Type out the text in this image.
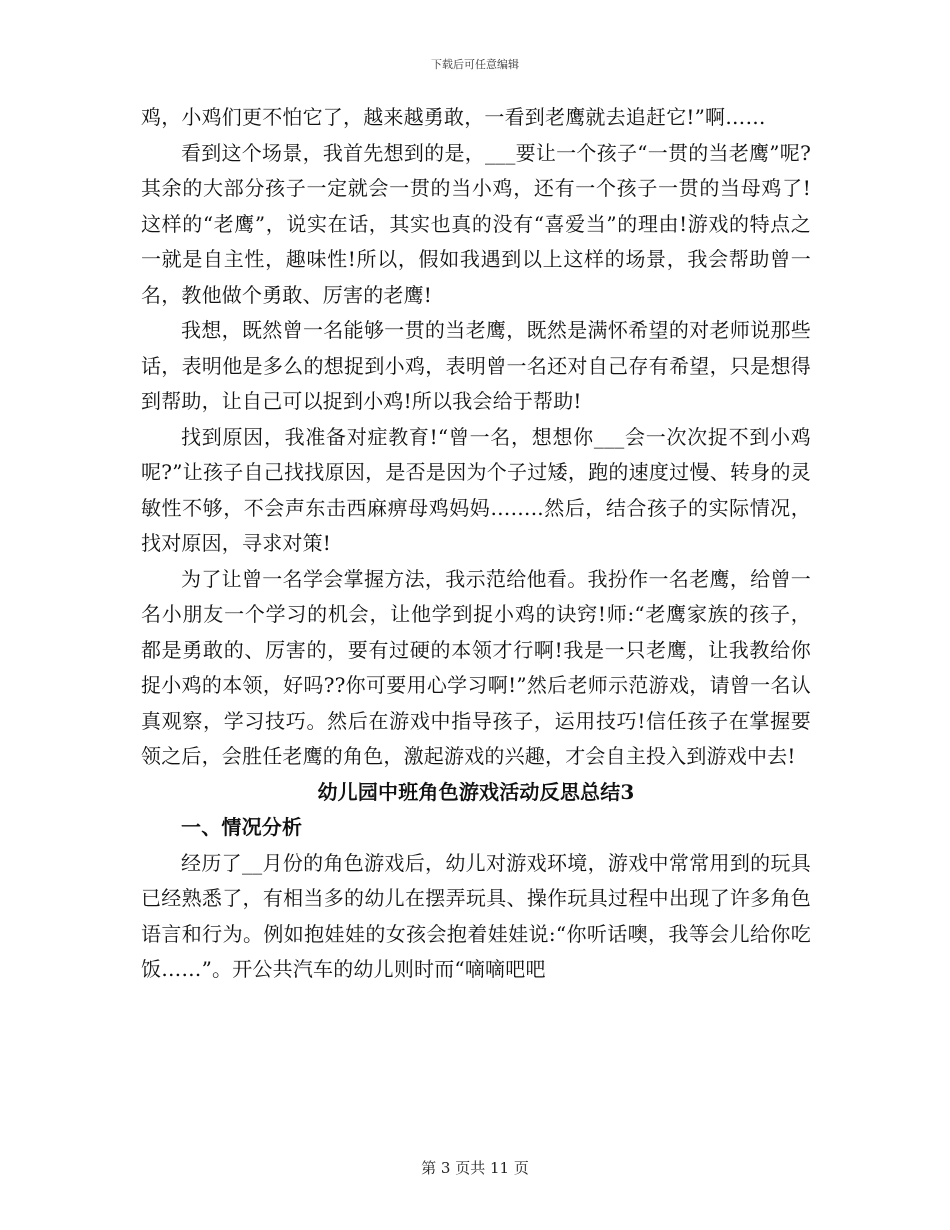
下载后可任意编辑

鸡，小鸡们更不怕它了，越来越勇敢，一看到老鹰就去追赶它!”啊……

看到这个场景，我首先想到的是，___要让一个孩子“一贯的当老鹰”呢?其余的大部分孩子一定就会一贯的当小鸡，还有一个孩子一贯的当母鸡了!这样的“老鹰”，说实在话，其实也真的没有“喜爱当”的理由!游戏的特点之一就是自主性，趣味性!所以，假如我遇到以上这样的场景，我会帮助曾一名，教他做个勇敢、厉害的老鹰!

我想，既然曾一名能够一贯的当老鹰，既然是满怀希望的对老师说那些话，表明他是多么的想捉到小鸡，表明曾一名还对自己存有希望，只是想得到帮助，让自己可以捉到小鸡!所以我会给于帮助!

找到原因，我准备对症教育!“曾一名，想想你___会一次次捉不到小鸡呢?”让孩子自己找找原因，是否是因为个子过矮，跑的速度过慢、转身的灵敏性不够，不会声东击西麻痹母鸡妈妈……..然后，结合孩子的实际情况，找对原因，寻求对策!

为了让曾一名学会掌握方法，我示范给他看。我扮作一名老鹰，给曾一名小朋友一个学习的机会，让他学到捉小鸡的诀窍!师:“老鹰家族的孩子，都是勇敢的、厉害的，要有过硬的本领才行啊!我是一只老鹰，让我教给你捉小鸡的本领，好吗??你可要用心学习啊!”然后老师示范游戏，请曾一名认真观察，学习技巧。然后在游戏中指导孩子，运用技巧!信任孩子在掌握要领之后，会胜任老鹰的角色，激起游戏的兴趣，才会自主投入到游戏中去!

幼儿园中班角色游戏活动反思总结3

一、情况分析

经历了__月份的角色游戏后，幼儿对游戏环境，游戏中常常用到的玩具已经熟悉了，有相当多的幼儿在摆弄玩具、操作玩具过程中出现了许多角色语言和行为。例如抱娃娃的女孩会抱着娃娃说:“你听话噢，我等会儿给你吃饭……”。开公共汽车的幼儿则时而“嘀嘀吧吧

第 3 页共 11 页
